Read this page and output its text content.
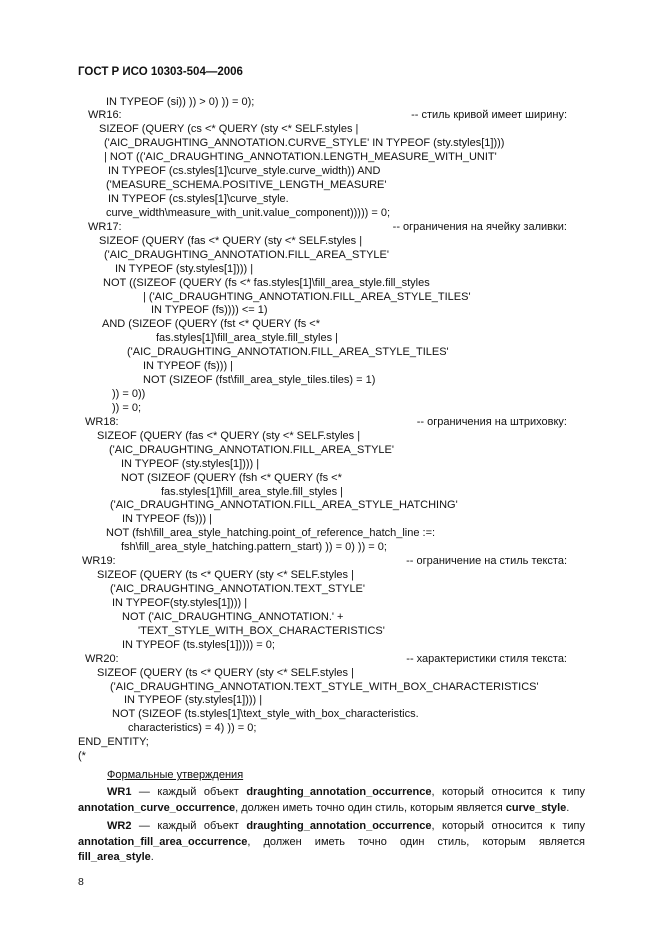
ГОСТ Р ИСО 10303-504—2006
IN TYPEOF (si)) )) > 0) )) = 0);
WR16:
SIZEOF (QUERY (cs <* QUERY (sty <* SELF.styles |
('AIC_DRAUGHTING_ANNOTATION.CURVE_STYLE' IN TYPEOF (sty.styles[1])))
| NOT (('AIC_DRAUGHTING_ANNOTATION.LENGTH_MEASURE_WITH_UNIT'
IN TYPEOF (cs.styles[1]\curve_style.curve_width)) AND
('MEASURE_SCHEMA.POSITIVE_LENGTH_MEASURE'
IN TYPEOF (cs.styles[1]\curve_style.
curve_width\measure_with_unit.value_component))))) = 0;
WR17:
SIZEOF (QUERY (fas <* QUERY (sty <* SELF.styles |
('AIC_DRAUGHTING_ANNOTATION.FILL_AREA_STYLE'
IN TYPEOF (sty.styles[1]))) |
NOT ((SIZEOF (QUERY (fs <* fas.styles[1]\fill_area_style.fill_styles
| ('AIC_DRAUGHTING_ANNOTATION.FILL_AREA_STYLE_TILES'
IN TYPEOF (fs)))) <= 1)
AND (SIZEOF (QUERY (fst <* QUERY (fs <*
fas.styles[1]\fill_area_style.fill_styles |
('AIC_DRAUGHTING_ANNOTATION.FILL_AREA_STYLE_TILES'
IN TYPEOF (fs))) |
NOT (SIZEOF (fst\fill_area_style_tiles.tiles) = 1)
)) = 0))
)) = 0;
WR18:
SIZEOF (QUERY (fas <* QUERY (sty <* SELF.styles |
('AIC_DRAUGHTING_ANNOTATION.FILL_AREA_STYLE'
IN TYPEOF (sty.styles[1]))) |
NOT (SIZEOF (QUERY (fsh <* QUERY (fs <*
fas.styles[1]\fill_area_style.fill_styles |
('AIC_DRAUGHTING_ANNOTATION.FILL_AREA_STYLE_HATCHING'
IN TYPEOF (fs))) |
NOT (fsh\fill_area_style_hatching.point_of_reference_hatch_line :=:
fsh\fill_area_style_hatching.pattern_start) )) = 0) )) = 0;
WR19:
SIZEOF (QUERY (ts <* QUERY (sty <* SELF.styles |
('AIC_DRAUGHTING_ANNOTATION.TEXT_STYLE'
IN TYPEOF(sty.styles[1]))) |
NOT ('AIC_DRAUGHTING_ANNOTATION.' +
'TEXT_STYLE_WITH_BOX_CHARACTERISTICS'
IN TYPEOF (ts.styles[1])))) = 0;
WR20:
SIZEOF (QUERY (ts <* QUERY (sty <* SELF.styles |
('AIC_DRAUGHTING_ANNOTATION.TEXT_STYLE_WITH_BOX_CHARACTERISTICS'
IN TYPEOF (sty.styles[1]))) |
NOT (SIZEOF (ts.styles[1]\text_style_with_box_characteristics.
characteristics) = 4) )) = 0;
END_ENTITY;
(*
-- стиль кривой имеет ширину:
-- ограничения на ячейку заливки:
-- ограничения на штриховку:
-- ограничение на стиль текста:
-- характеристики стиля текста:
Формальные утверждения
WR1 — каждый объект draughting_annotation_occurrence, который относится к типу annotation_curve_occurrence, должен иметь точно один стиль, которым является curve_style.
WR2 — каждый объект draughting_annotation_occurrence, который относится к типу annotation_fill_area_occurrence, должен иметь точно один стиль, которым является fill_area_style.
8
